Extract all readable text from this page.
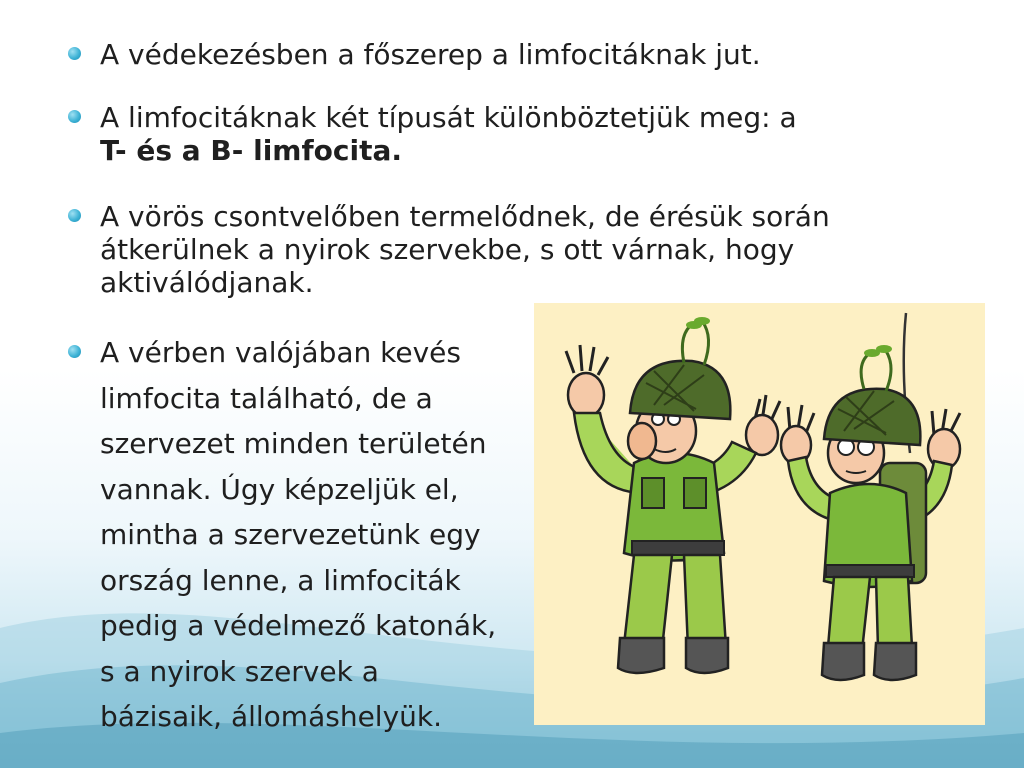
A védekezésben a főszerep a limfocitáknak jut.
A limfocitáknak két típusát különböztetjük meg: a
T- és a B- limfocita.
A vörös csontvelőben termelődnek, de érésük során
átkerülnek a nyirok szervekbe, s ott várnak, hogy
aktiválódjanak.
A vérben valójában kevés
limfocita található, de a
szervezet minden területén
vannak. Úgy képzeljük el,
mintha a szervezetünk egy
ország lenne, a limfociták
pedig a védelmező katonák,
s a nyirok szervek a
bázisaik, állomáshelyük.
